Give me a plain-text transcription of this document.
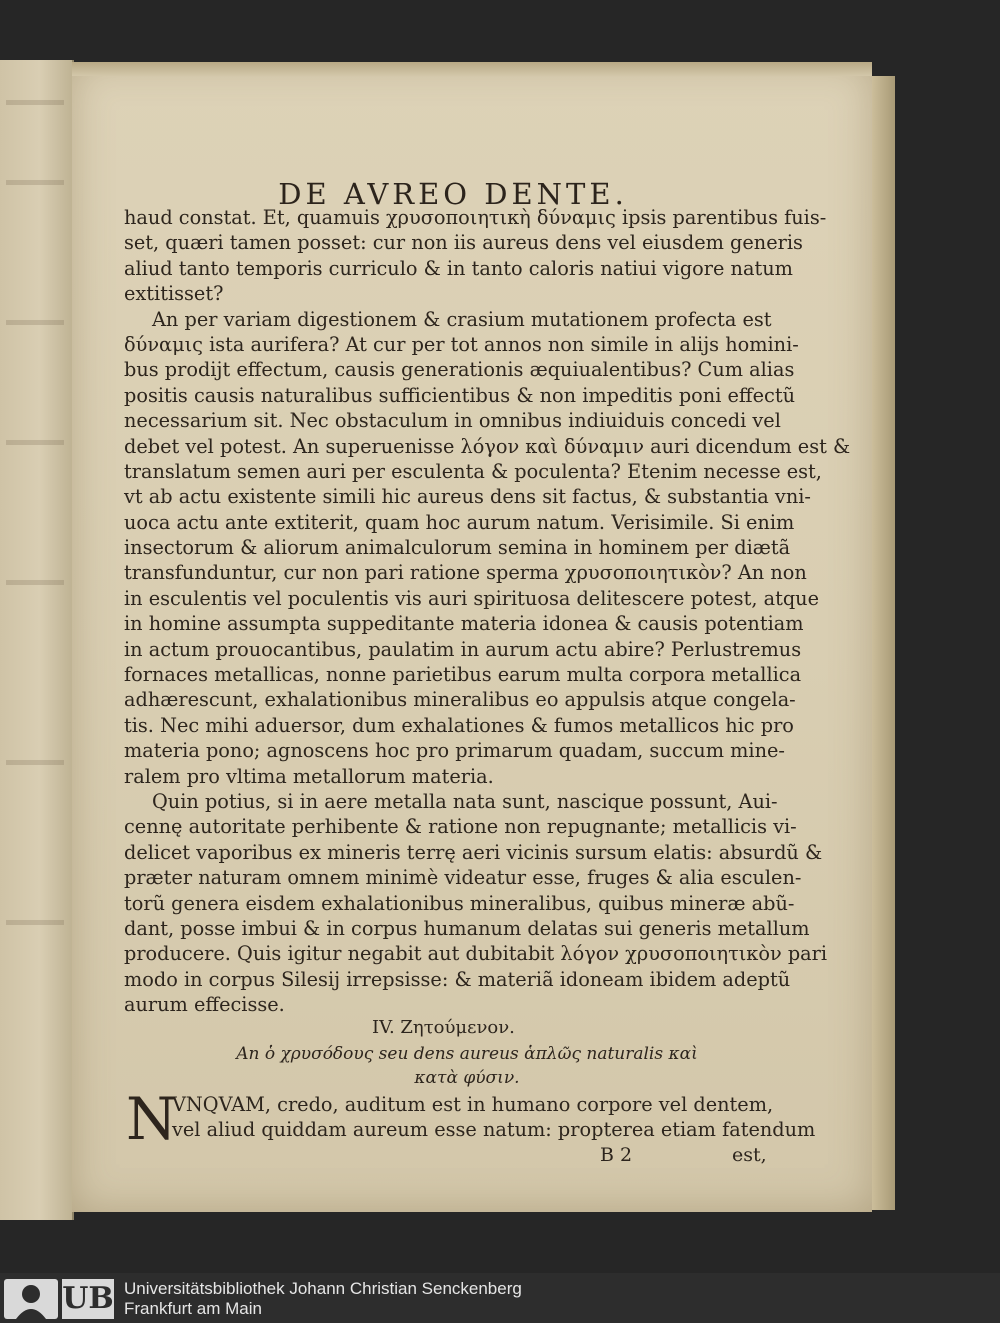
DE AVREO DENTE.
haud constat. Et, quamuis χρυσοποιητικὴ δύναμις ipsis parentibus fuis-
set, quæri tamen posset: cur non iis aureus dens vel eiusdem generis
aliud tanto temporis curriculo & in tanto caloris natiui vigore natum
extitisset?
An per variam digestionem & crasium mutationem profecta est
δύναμις ista aurifera? At cur per tot annos non simile in alijs homini-
bus prodijt effectum, causis generationis æquiualentibus? Cum alias
positis causis naturalibus sufficientibus & non impeditis poni effectũ
necessarium sit. Nec obstaculum in omnibus indiuiduis concedi vel
debet vel potest. An superuenisse λόγον καὶ δύναμιν auri dicendum est &
translatum semen auri per esculenta & poculenta? Etenim necesse est,
vt ab actu existente simili hic aureus dens sit factus, & substantia vni-
uoca actu ante extiterit, quam hoc aurum natum. Verisimile. Si enim
insectorum & aliorum animalculorum semina in hominem per diætã
transfunduntur, cur non pari ratione sperma χρυσοποιητικὸν? An non
in esculentis vel poculentis vis auri spirituosa delitescere potest, atque
in homine assumpta suppeditante materia idonea & causis potentiam
in actum prouocantibus, paulatim in aurum actu abire? Perlustremus
fornaces metallicas, nonne parietibus earum multa corpora metallica
adhærescunt, exhalationibus mineralibus eo appulsis atque congela-
tis. Nec mihi aduersor, dum exhalationes & fumos metallicos hic pro
materia pono; agnoscens hoc pro primarum quadam, succum mine-
ralem pro vltima metallorum materia.
Quin potius, si in aere metalla nata sunt, nascique possunt, Aui-
cennę autoritate perhibente & ratione non repugnante; metallicis vi-
delicet vaporibus ex mineris terrę aeri vicinis sursum elatis: absurdũ &
præter naturam omnem minimè videatur esse, fruges & alia esculen-
torũ genera eisdem exhalationibus mineralibus, quibus mineræ abũ-
dant, posse imbui & in corpus humanum delatas sui generis metallum
producere. Quis igitur negabit aut dubitabit λόγον χρυσοποιητικὸν pari
modo in corpus Silesij irrepsisse: & materiã idoneam ibidem adeptũ
aurum effecisse.
IV. Ζητούμενον.
An ὁ χρυσόδους seu dens aureus ἁπλῶς naturalis καὶ
κατὰ φύσιν.
N
VNQVAM, credo, auditum est in humano corpore vel dentem,
vel aliud quiddam aureum esse natum: propterea etiam fatendum
B 2	est,
UB Universitätsbibliothek Johann Christian Senckenberg
Frankfurt am Main
